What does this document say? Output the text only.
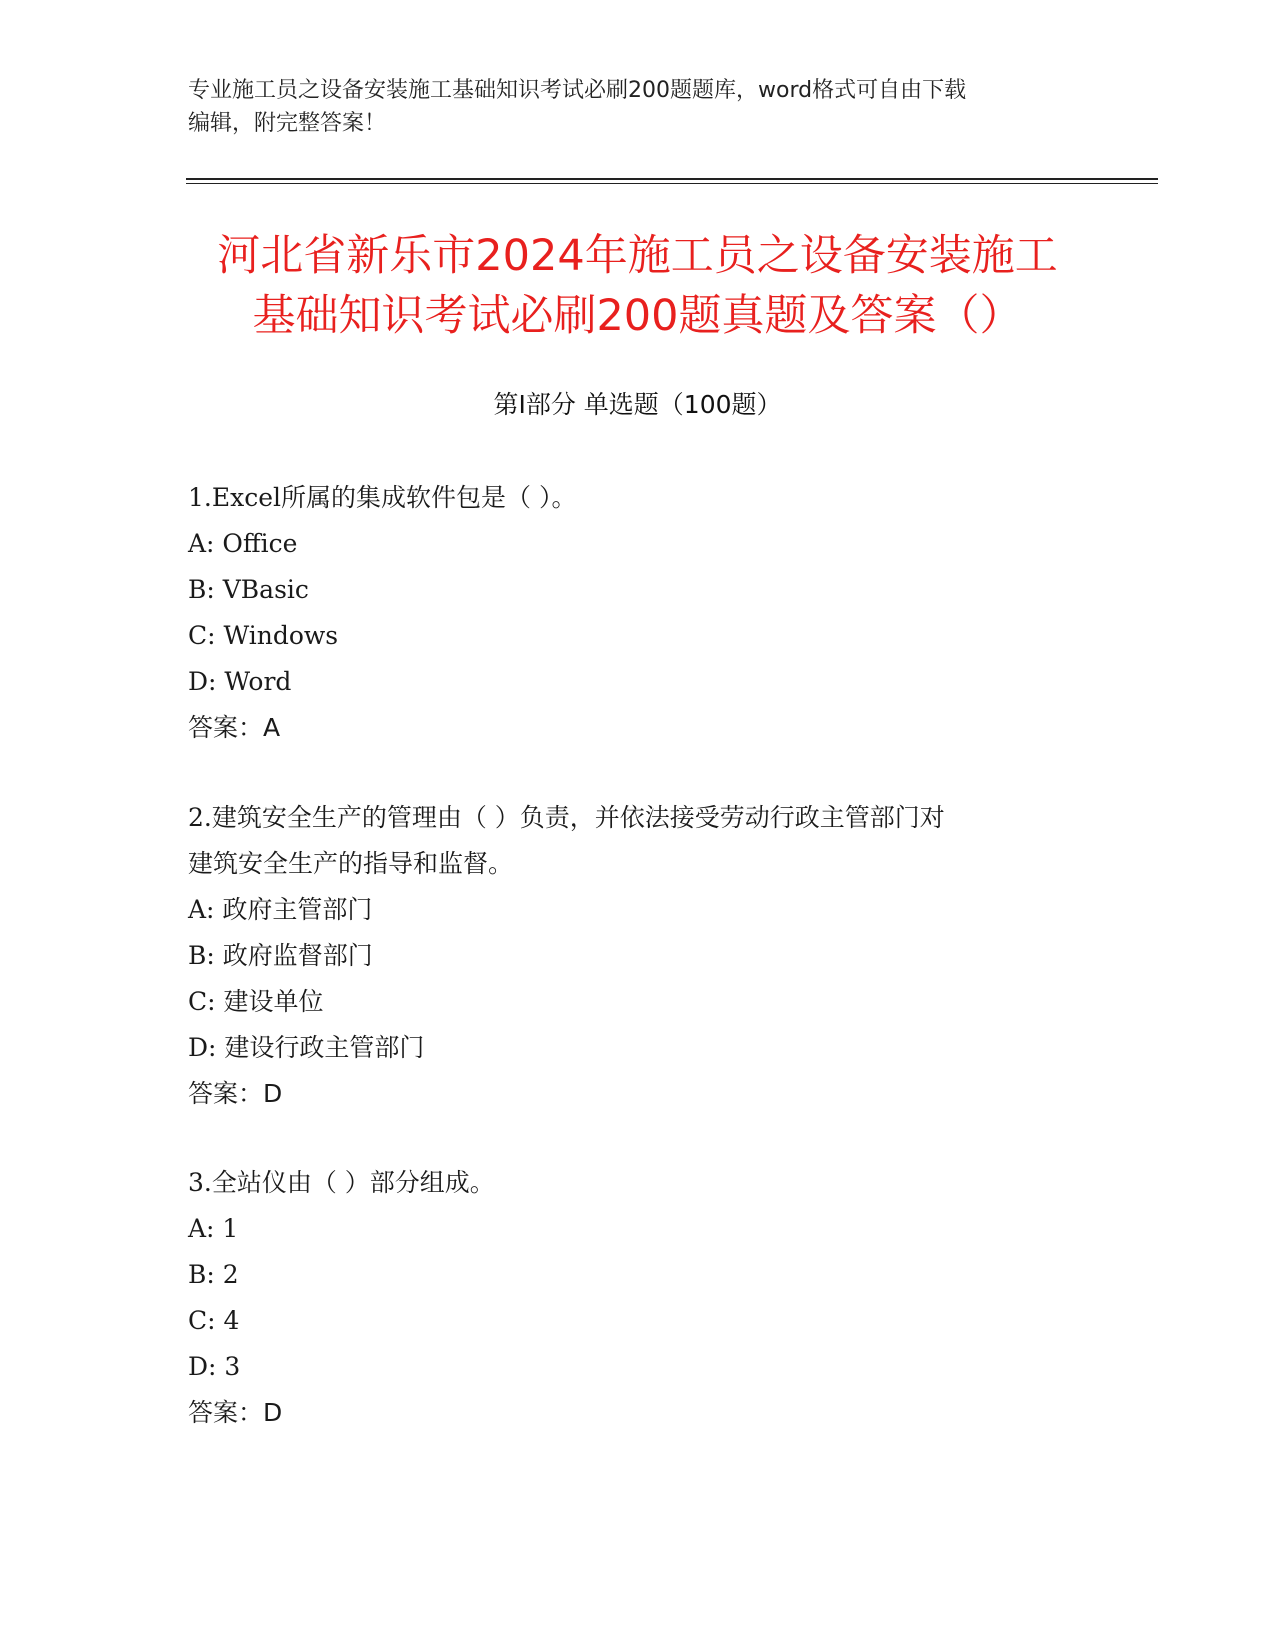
专业施工员之设备安装施工基础知识考试必刷200题题库，word格式可自由下载
编辑，附完整答案！
河北省新乐市2024年施工员之设备安装施工
基础知识考试必刷200题真题及答案（）
第I部分 单选题（100题）

1.Excel所属的集成软件包是（ ）。

A: Office

B: VBasic

C: Windows

D: Word

答案：A

2.建筑安全生产的管理由（ ）负责，并依法接受劳动行政主管部门对

建筑安全生产的指导和监督。

A: 政府主管部门

B: 政府监督部门

C: 建设单位

D: 建设行政主管部门

答案：D

3.全站仪由（ ）部分组成。

A: 1

B: 2

C: 4

D: 3

答案：D
